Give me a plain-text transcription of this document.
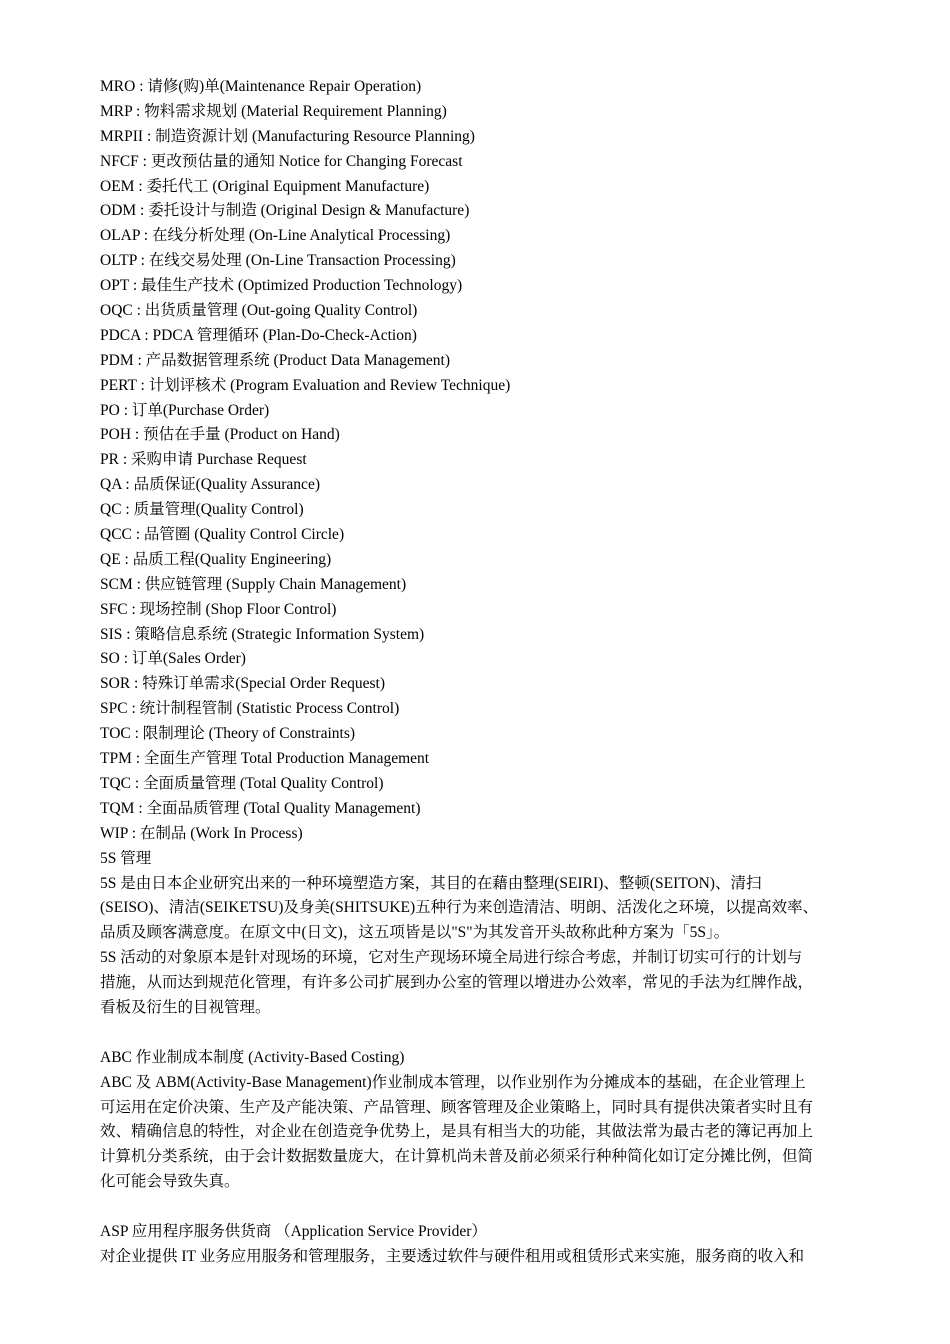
MRO : 请修(购)单(Maintenance Repair Operation)
MRP : 物料需求规划 (Material Requirement Planning)
MRPII : 制造资源计划 (Manufacturing Resource Planning)
NFCF : 更改预估量的通知 Notice for Changing Forecast
OEM : 委托代工 (Original Equipment Manufacture)
ODM : 委托设计与制造 (Original Design & Manufacture)
OLAP : 在线分析处理 (On-Line Analytical Processing)
OLTP : 在线交易处理 (On-Line Transaction Processing)
OPT : 最佳生产技术 (Optimized Production Technology)
OQC : 出货质量管理 (Out-going Quality Control)
PDCA : PDCA 管理循环 (Plan-Do-Check-Action)
PDM : 产品数据管理系统 (Product Data Management)
PERT : 计划评核术 (Program Evaluation and Review Technique)
PO : 订单(Purchase Order)
POH : 预估在手量 (Product on Hand)
PR : 采购申请 Purchase Request
QA : 品质保证(Quality Assurance)
QC : 质量管理(Quality Control)
QCC : 品管圈 (Quality Control Circle)
QE : 品质工程(Quality Engineering)
SCM : 供应链管理 (Supply Chain Management)
SFC : 现场控制 (Shop Floor Control)
SIS : 策略信息系统 (Strategic Information System)
SO : 订单(Sales Order)
SOR : 特殊订单需求(Special Order Request)
SPC : 统计制程管制 (Statistic Process Control)
TOC : 限制理论 (Theory of Constraints)
TPM : 全面生产管理 Total Production Management
TQC : 全面质量管理 (Total Quality Control)
TQM : 全面品质管理 (Total Quality Management)
WIP : 在制品 (Work In Process)
5S 管理
5S 是由日本企业研究出来的一种环境塑造方案，其目的在藉由整理(SEIRI)、整顿(SEITON)、清扫
(SEISO)、清洁(SEIKETSU)及身美(SHITSUKE)五种行为来创造清洁、明朗、活泼化之环境，以提高效率、
品质及顾客满意度。在原文中(日文)，这五项皆是以"S"为其发音开头故称此种方案为「5S」。
5S 活动的对象原本是针对现场的环境，它对生产现场环境全局进行综合考虑，并制订切实可行的计划与
措施，从而达到规范化管理，有许多公司扩展到办公室的管理以增进办公效率，常见的手法为红牌作战，
看板及衍生的目视管理。
ABC 作业制成本制度 (Activity-Based Costing)
ABC 及 ABM(Activity-Base Management)作业制成本管理，以作业别作为分摊成本的基础，在企业管理上
可运用在定价决策、生产及产能决策、产品管理、顾客管理及企业策略上，同时具有提供决策者实时且有
效、精确信息的特性，对企业在创造竞争优势上，是具有相当大的功能，其做法常为最古老的簿记再加上
计算机分类系统，由于会计数据数量庞大，在计算机尚未普及前必须采行种种简化如订定分摊比例，但简
化可能会导致失真。
ASP 应用程序服务供货商 （Application Service Provider）
对企业提供 IT 业务应用服务和管理服务，主要透过软件与硬件租用或租赁形式来实施，服务商的收入和
